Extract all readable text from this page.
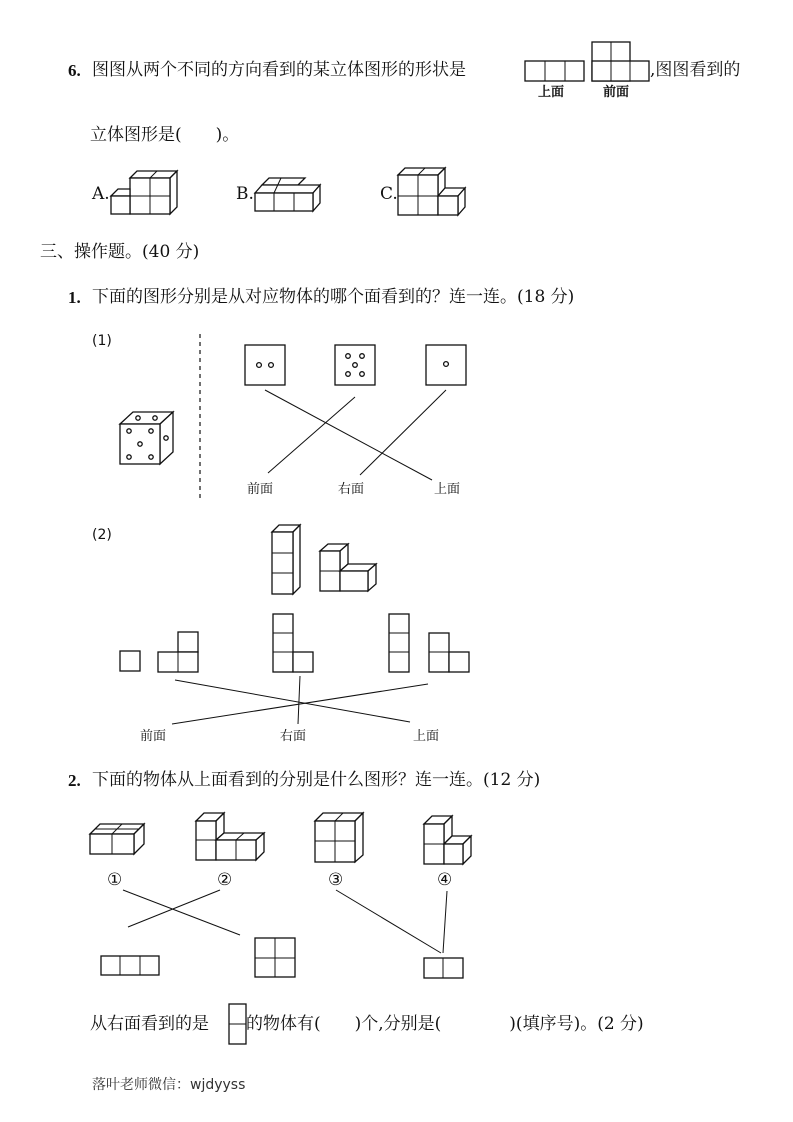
6. 图图从两个不同的方向看到的某立体图形的形状是	,图图看到的
上面	前面
立体图形是(　　)。
A.	B.	C.
三、操作题。(40 分)
1. 下面的图形分别是从对应物体的哪个面看到的？连一连。(18 分)
(1)
前面	右面	上面
(2)
前面	右面	上面
2. 下面的物体从上面看到的分别是什么图形？连一连。(12 分)
①	②	③	④
从右面看到的是 的物体有(　　)个,分别是(　　　　)(填序号)。(2 分)
落叶老师微信：wjdyyss
